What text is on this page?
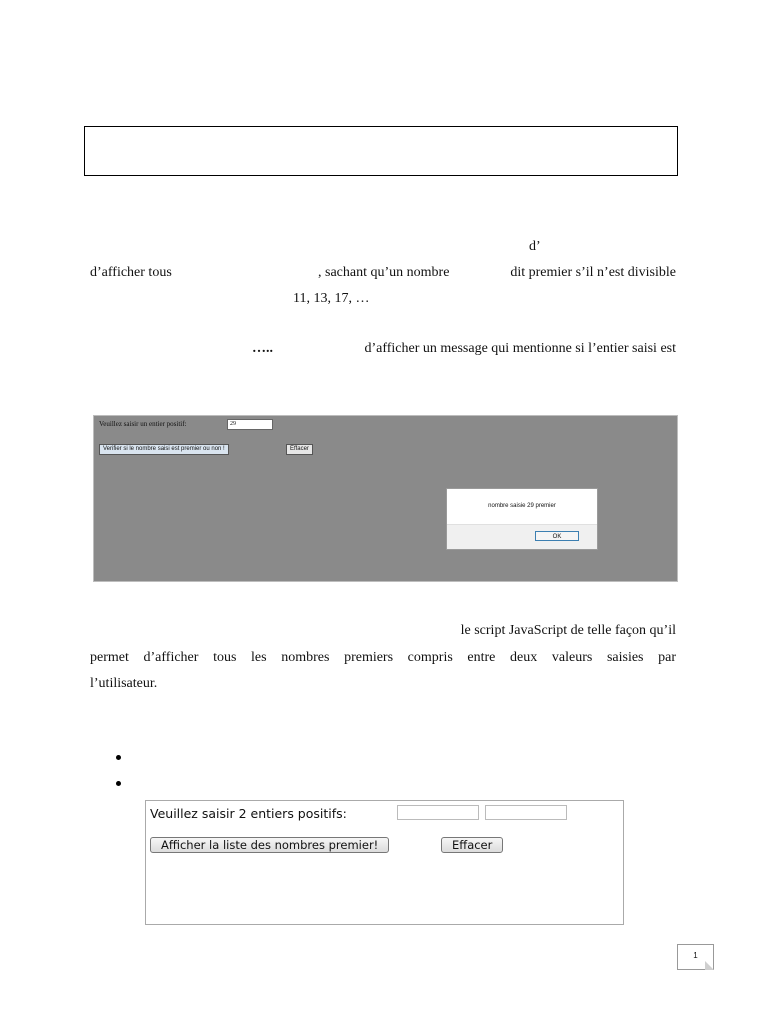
d’
d’afficher tous	, sachant qu’un nombre	dit premier s’il n’est divisible
11, 13, 17, …
…..	d’afficher un message qui mentionne si l’entier saisi est
Veuillez saisir un entier positif:	29
Verifier si le nombre saisi est premier ou non !	Effacer
nombre saisie 29 premier
OK
le script JavaScript de telle façon qu’il
permet d’afficher tous les nombres premiers compris entre deux valeurs saisies par
l’utilisateur.
Veuillez saisir 2 entiers positifs:
Afficher la liste des nombres premier!	Effacer
1
